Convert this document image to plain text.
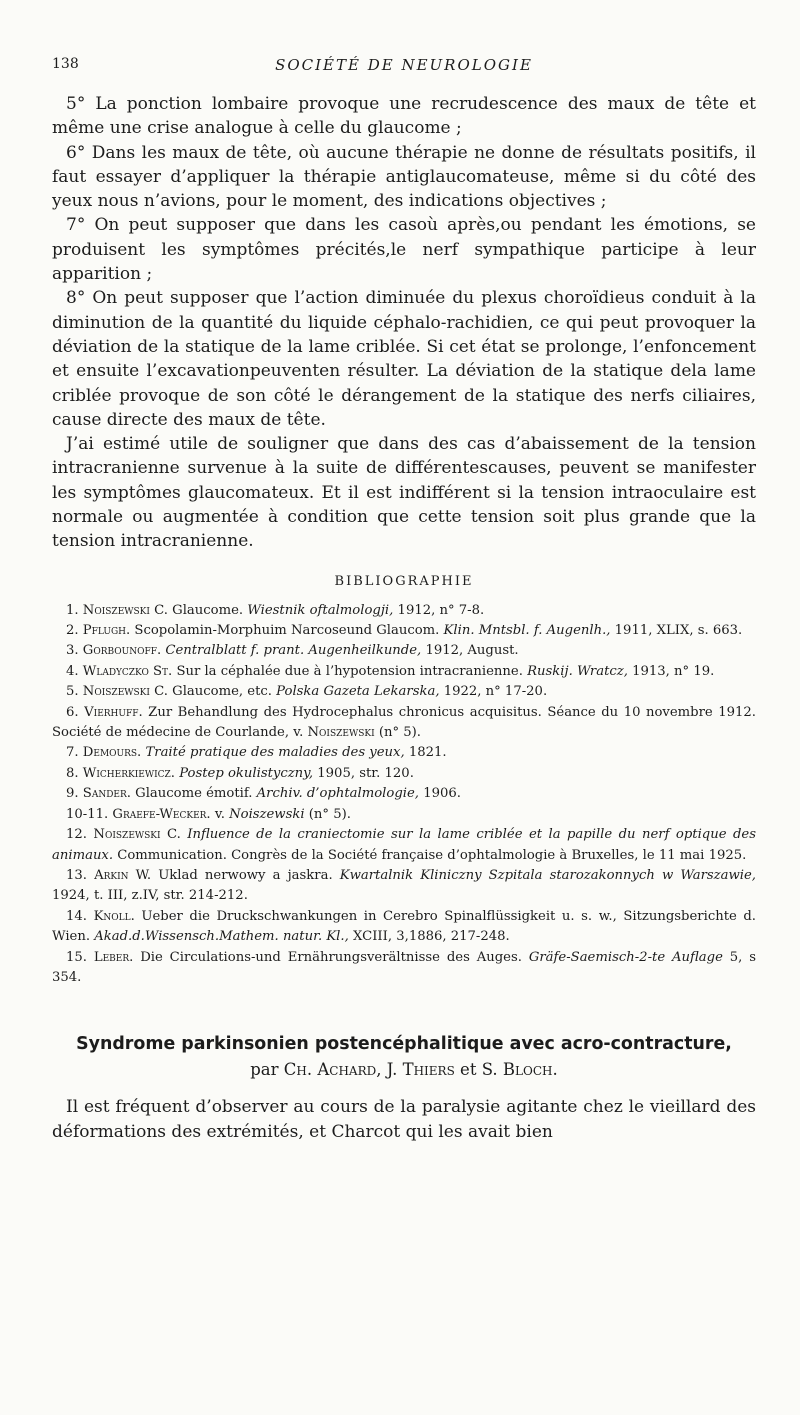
138	SOCIÉTÉ DE NEUROLOGIE

5° La ponction lombaire provoque une recrudescence des maux de tête et même une crise analogue à celle du glaucome ;

6° Dans les maux de tête, où aucune thérapie ne donne de résultats positifs, il faut essayer d’appliquer la thérapie antiglaucomateuse, même si du côté des yeux nous n’avions, pour le moment, des indications objectives ;

7° On peut supposer que dans les casoù après,ou pendant les émotions, se produisent les symptômes précités,le nerf sympathique participe à leur apparition ;

8° On peut supposer que l’action diminuée du plexus choroïdieus conduit à la diminution de la quantité du liquide céphalo-rachidien, ce qui peut provoquer la déviation de la statique de la lame criblée. Si cet état se prolonge, l’enfoncement et ensuite l’excavationpeuventen résulter. La déviation de la statique dela lame criblée provoque de son côté le dérangement de la statique des nerfs ciliaires, cause directe des maux de tête.

J’ai estimé utile de souligner que dans des cas d’abaissement de la tension intracranienne survenue à la suite de différentescauses, peuvent se manifester les symptômes glaucomateux. Et il est indifférent si la tension intraoculaire est normale ou augmentée à condition que cette tension soit plus grande que la tension intracranienne.

BIBLIOGRAPHIE

1. Noiszewski C. Glaucome. Wiestnik oftalmologji, 1912, n° 7-8.

2. Pflugh. Scopolamin-Morphuim Narcoseund Glaucom. Klin. Mntsbl. f. Augenlh., 1911, XLIX, s. 663.

3. Gorbounoff. Centralblatt f. prant. Augenheilkunde, 1912, August.

4. Wladyczko St. Sur la céphalée due à l’hypotension intracranienne. Ruskij. Wratcz, 1913, n° 19.

5. Noiszewski C. Glaucome, etc. Polska Gazeta Lekarska, 1922, n° 17-20.

6. Vierhuff. Zur Behandlung des Hydrocephalus chronicus acquisitus. Séance du 10 novembre 1912. Société de médecine de Courlande, v. Noiszewski (n° 5).

7. Demours. Traité pratique des maladies des yeux, 1821.

8. Wicherkiewicz. Postep okulistyczny, 1905, str. 120.

9. Sander. Glaucome émotif. Archiv. d’ophtalmologie, 1906.

10-11. Graefe-Wecker. v. Noiszewski (n° 5).

12. Noiszewski C. Influence de la craniectomie sur la lame criblée et la papille du nerf optique des animaux. Communication. Congrès de la Société française d’ophtalmologie à Bruxelles, le 11 mai 1925.

13. Arkin W. Uklad nerwowy a jaskra. Kwartalnik Kliniczny Szpitala starozakonnych w Warszawie, 1924, t. III, z.IV, str. 214-212.

14. Knoll. Ueber die Druckschwankungen in Cerebro Spinalflüssigkeit u. s. w., Sitzungsberichte d. Wien. Akad.d.Wissensch.Mathem. natur. Kl., XCIII, 3,1886, 217-248.

15. Leber. Die Circulations-und Ernährungsverältnisse des Auges. Gräfe-Saemisch-2-te Auflage 5, s 354.

Syndrome parkinsonien postencéphalitique avec acro-contracture,
par Ch. Achard, J. Thiers et S. Bloch.

Il est fréquent d’observer au cours de la paralysie agitante chez le vieillard des déformations des extrémités, et Charcot qui les avait bien
